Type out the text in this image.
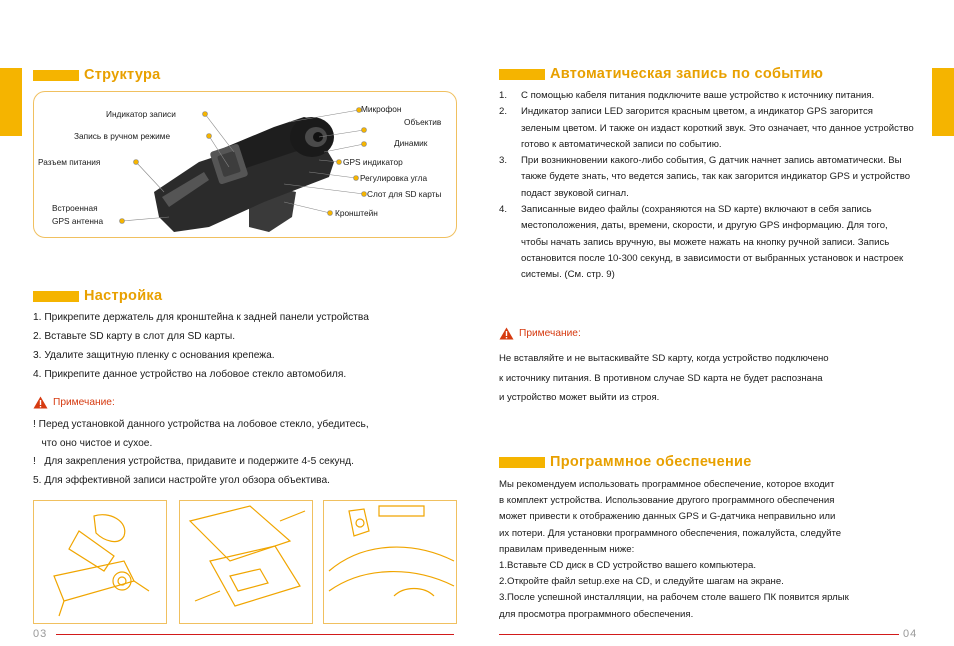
Структура
Индикатор записи
Запись в ручном режиме
Разъем питания
Встроенная
GPS антенна
Микрофон
Объектив
Динамик
GPS индикатор
Регулировка угла
Слот для SD карты
Кронштейн
Настройка

1. Прикрепите держатель для кронштейна к задней панели устройства

2. Вставьте SD карту в слот для SD карты.

3. Удалите защитную пленку с основания крепежа.

4. Прикрепите данное устройство на лобовое стекло автомобиля.

Примечание:

! Перед установкой данного устройства на лобовое стекло, убедитесь,

что оно чистое и сухое.

!   Для закрепления устройства, придавите и подержите 4-5 секунд.

5. Для эффективной записи настройте угол обзора объектива.

03
Автоматическая запись по событию
1. С помощью кабеля питания подключите ваше устройство к источнику питания.
2. Индикатор записи LED загорится красным цветом, а индикатор GPS загорится зеленым цветом. И также он издаст короткий звук. Это означает, что данное устройство готово к автоматической записи по событию.
3. При возникновении какого-либо события, G датчик начнет запись автоматически. Вы также будете знать, что ведется запись, так как загорится индикатор GPS и устройство подаст звуковой сигнал.
4. Записанные видео файлы (сохраняются на SD карте) включают в себя запись местоположения, даты, времени, скорости, и другую GPS информацию. Для того, чтобы начать запись вручную, вы можете нажать на кнопку ручной записи. Запись остановится после 10-300 секунд, в зависимости от выбранных установок и настроек системы. (См. стр. 9)
Примечание:

Не вставляйте и не вытаскивайте SD карту, когда устройство подключено

к источнику питания. В противном случае SD карта не будет распознана

и устройство может выйти из строя.

Программное обеспечение

Мы рекомендуем использовать программное обеспечение, которое входит

в комплект устройства. Использование другого программного обеспечения

может привести к отображению данных GPS и G-датчика неправильно или

их потери. Для установки программного обеспечения, пожалуйста, следуйте

правилам приведенным ниже:

1.Вставьте CD диск в CD устройство вашего компьютера.

2.Откройте файл setup.exe на CD, и следуйте шагам на экране.

3.После успешной инсталляции, на рабочем столе вашего ПК появится ярлык

для просмотра программного обеспечения.

04
